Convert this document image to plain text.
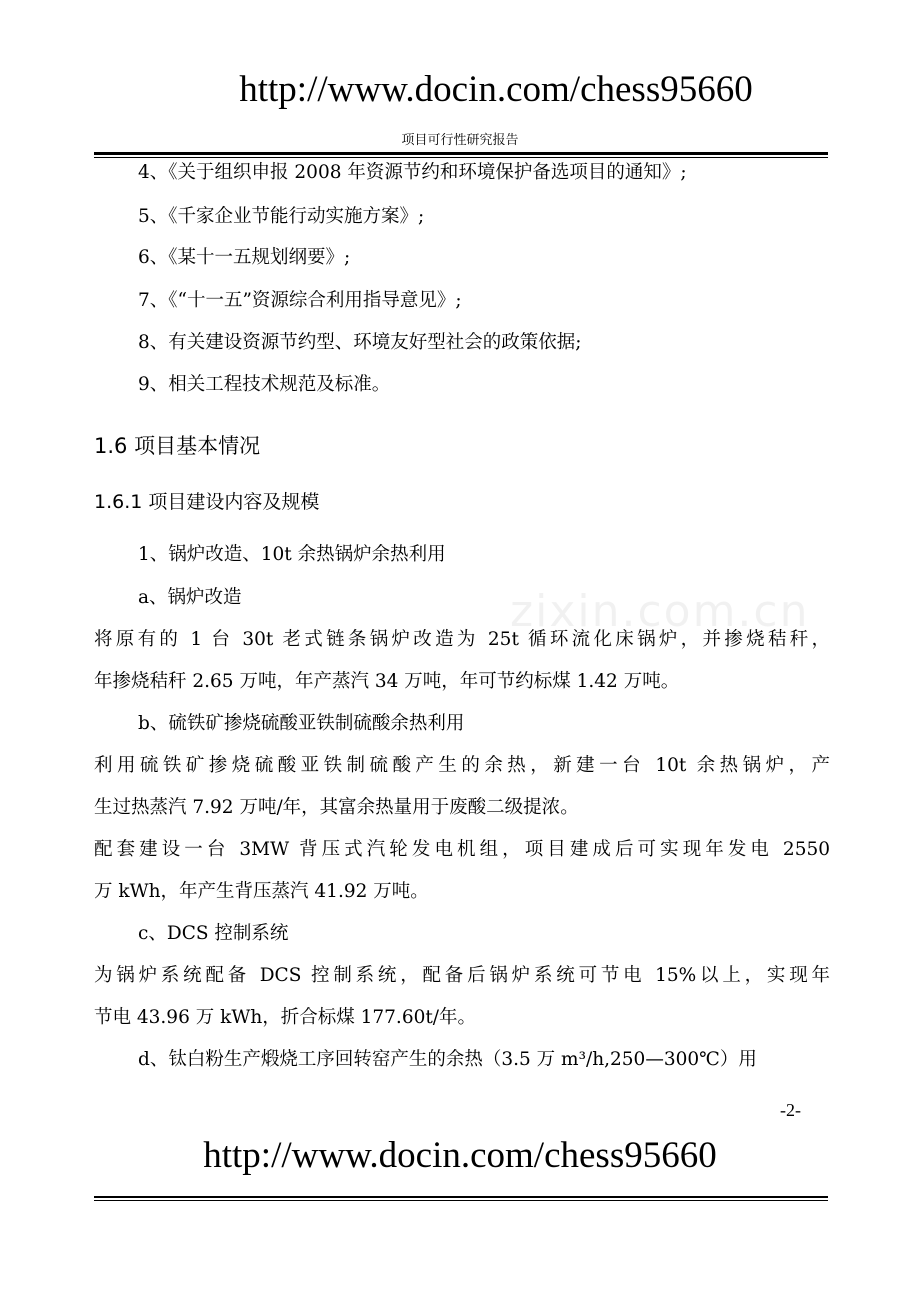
http://www.docin.com/chess95660
项目可行性研究报告
4、《关于组织申报 2008 年资源节约和环境保护备选项目的通知》;
5、《千家企业节能行动实施方案》;
6、《某十一五规划纲要》;
7、《“十一五”资源综合利用指导意见》;
8、有关建设资源节约型、环境友好型社会的政策依据;
9、相关工程技术规范及标准。
1.6 项目基本情况
1.6.1 项目建设内容及规模
1、锅炉改造、10t 余热锅炉余热利用
a、锅炉改造
将原有的 1 台 30t 老式链条锅炉改造为 25t 循环流化床锅炉，并掺烧秸秆，
年掺烧秸秆 2.65 万吨，年产蒸汽 34 万吨，年可节约标煤 1.42 万吨。
b、硫铁矿掺烧硫酸亚铁制硫酸余热利用
利用硫铁矿掺烧硫酸亚铁制硫酸产生的余热，新建一台 10t 余热锅炉，产
生过热蒸汽 7.92 万吨/年，其富余热量用于废酸二级提浓。
配套建设一台 3MW 背压式汽轮发电机组，项目建成后可实现年发电 2550
万 kWh，年产生背压蒸汽 41.92 万吨。
c、DCS 控制系统
为锅炉系统配备 DCS 控制系统，配备后锅炉系统可节电 15%以上，实现年
节电 43.96 万 kWh，折合标煤 177.60t/年。
d、钛白粉生产煅烧工序回转窑产生的余热（3.5 万 m³/h,250—300℃）用
zixin.com.cn
-2-
http://www.docin.com/chess95660
